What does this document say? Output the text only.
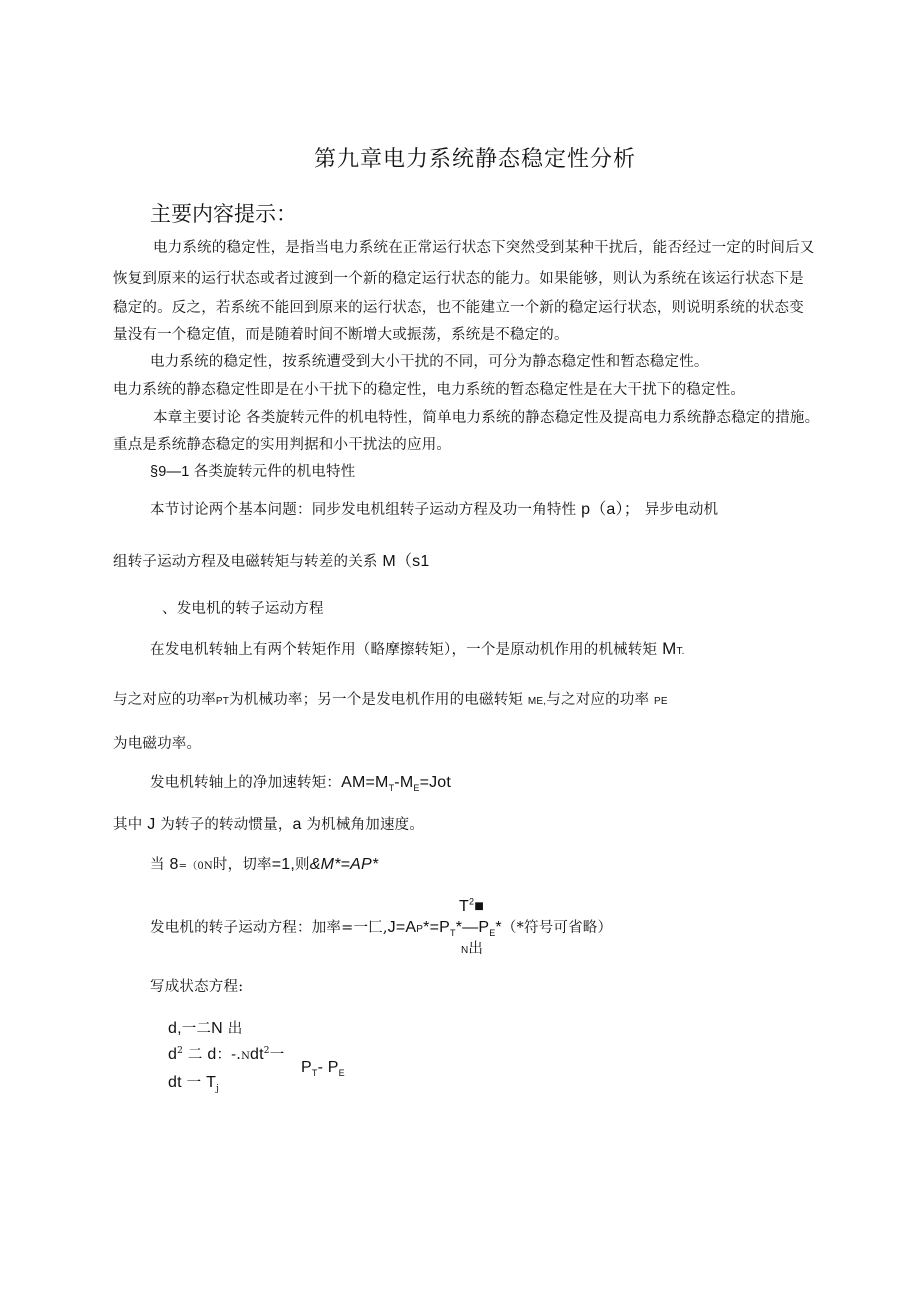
第九章电力系统静态稳定性分析
主要内容提示：
电力系统的稳定性，是指当电力系统在正常运行状态下突然受到某种干扰后，能否经过一定的时间后又
恢复到原来的运行状态或者过渡到一个新的稳定运行状态的能力。如果能够，则认为系统在该运行状态下是
稳定的。反之，若系统不能回到原来的运行状态，也不能建立一个新的稳定运行状态，则说明系统的状态变
量没有一个稳定值，而是随着时间不断增大或振荡，系统是不稳定的。
电力系统的稳定性，按系统遭受到大小干扰的不同，可分为静态稳定性和暂态稳定性。
电力系统的静态稳定性即是在小干扰下的稳定性，电力系统的暂态稳定性是在大干扰下的稳定性。
本章主要讨论 各类旋转元件的机电特性，简单电力系统的静态稳定性及提高电力系统静态稳定的措施。
重点是系统静态稳定的实用判据和小干扰法的应用。
§9—1 各类旋转元件的机电特性
本节讨论两个基本问题：同步发电机组转子运动方程及功一角特性 p（a）； 异步电动机
组转子运动方程及电磁转矩与转差的关系 M（s1
、发电机的转子运动方程
在发电机转轴上有两个转矩作用（略摩擦转矩），一个是原动机作用的机械转矩 MT.
与之对应的功率PT为机械功率；另一个是发电机作用的电磁转矩 ME,与之对应的功率 PE
为电磁功率。
发电机转轴上的净加速转矩：$AM=M_T-M_E=Jot$
其中 J 为转子的转动惯量，a 为机械角加速度。
当 8=（0N时，切率=1,则&M*=AP*
$T^2■$
发电机的转子运动方程：加率=一匚$,J=AP*=P_T*—P_E*(*$符号可省略）
N出
写成状态方程:
d,一二N 出
$d^2$ 二 d：-.Ndt$^2$一
$P_T-$ $P_E$
dt 一 $T_j$
